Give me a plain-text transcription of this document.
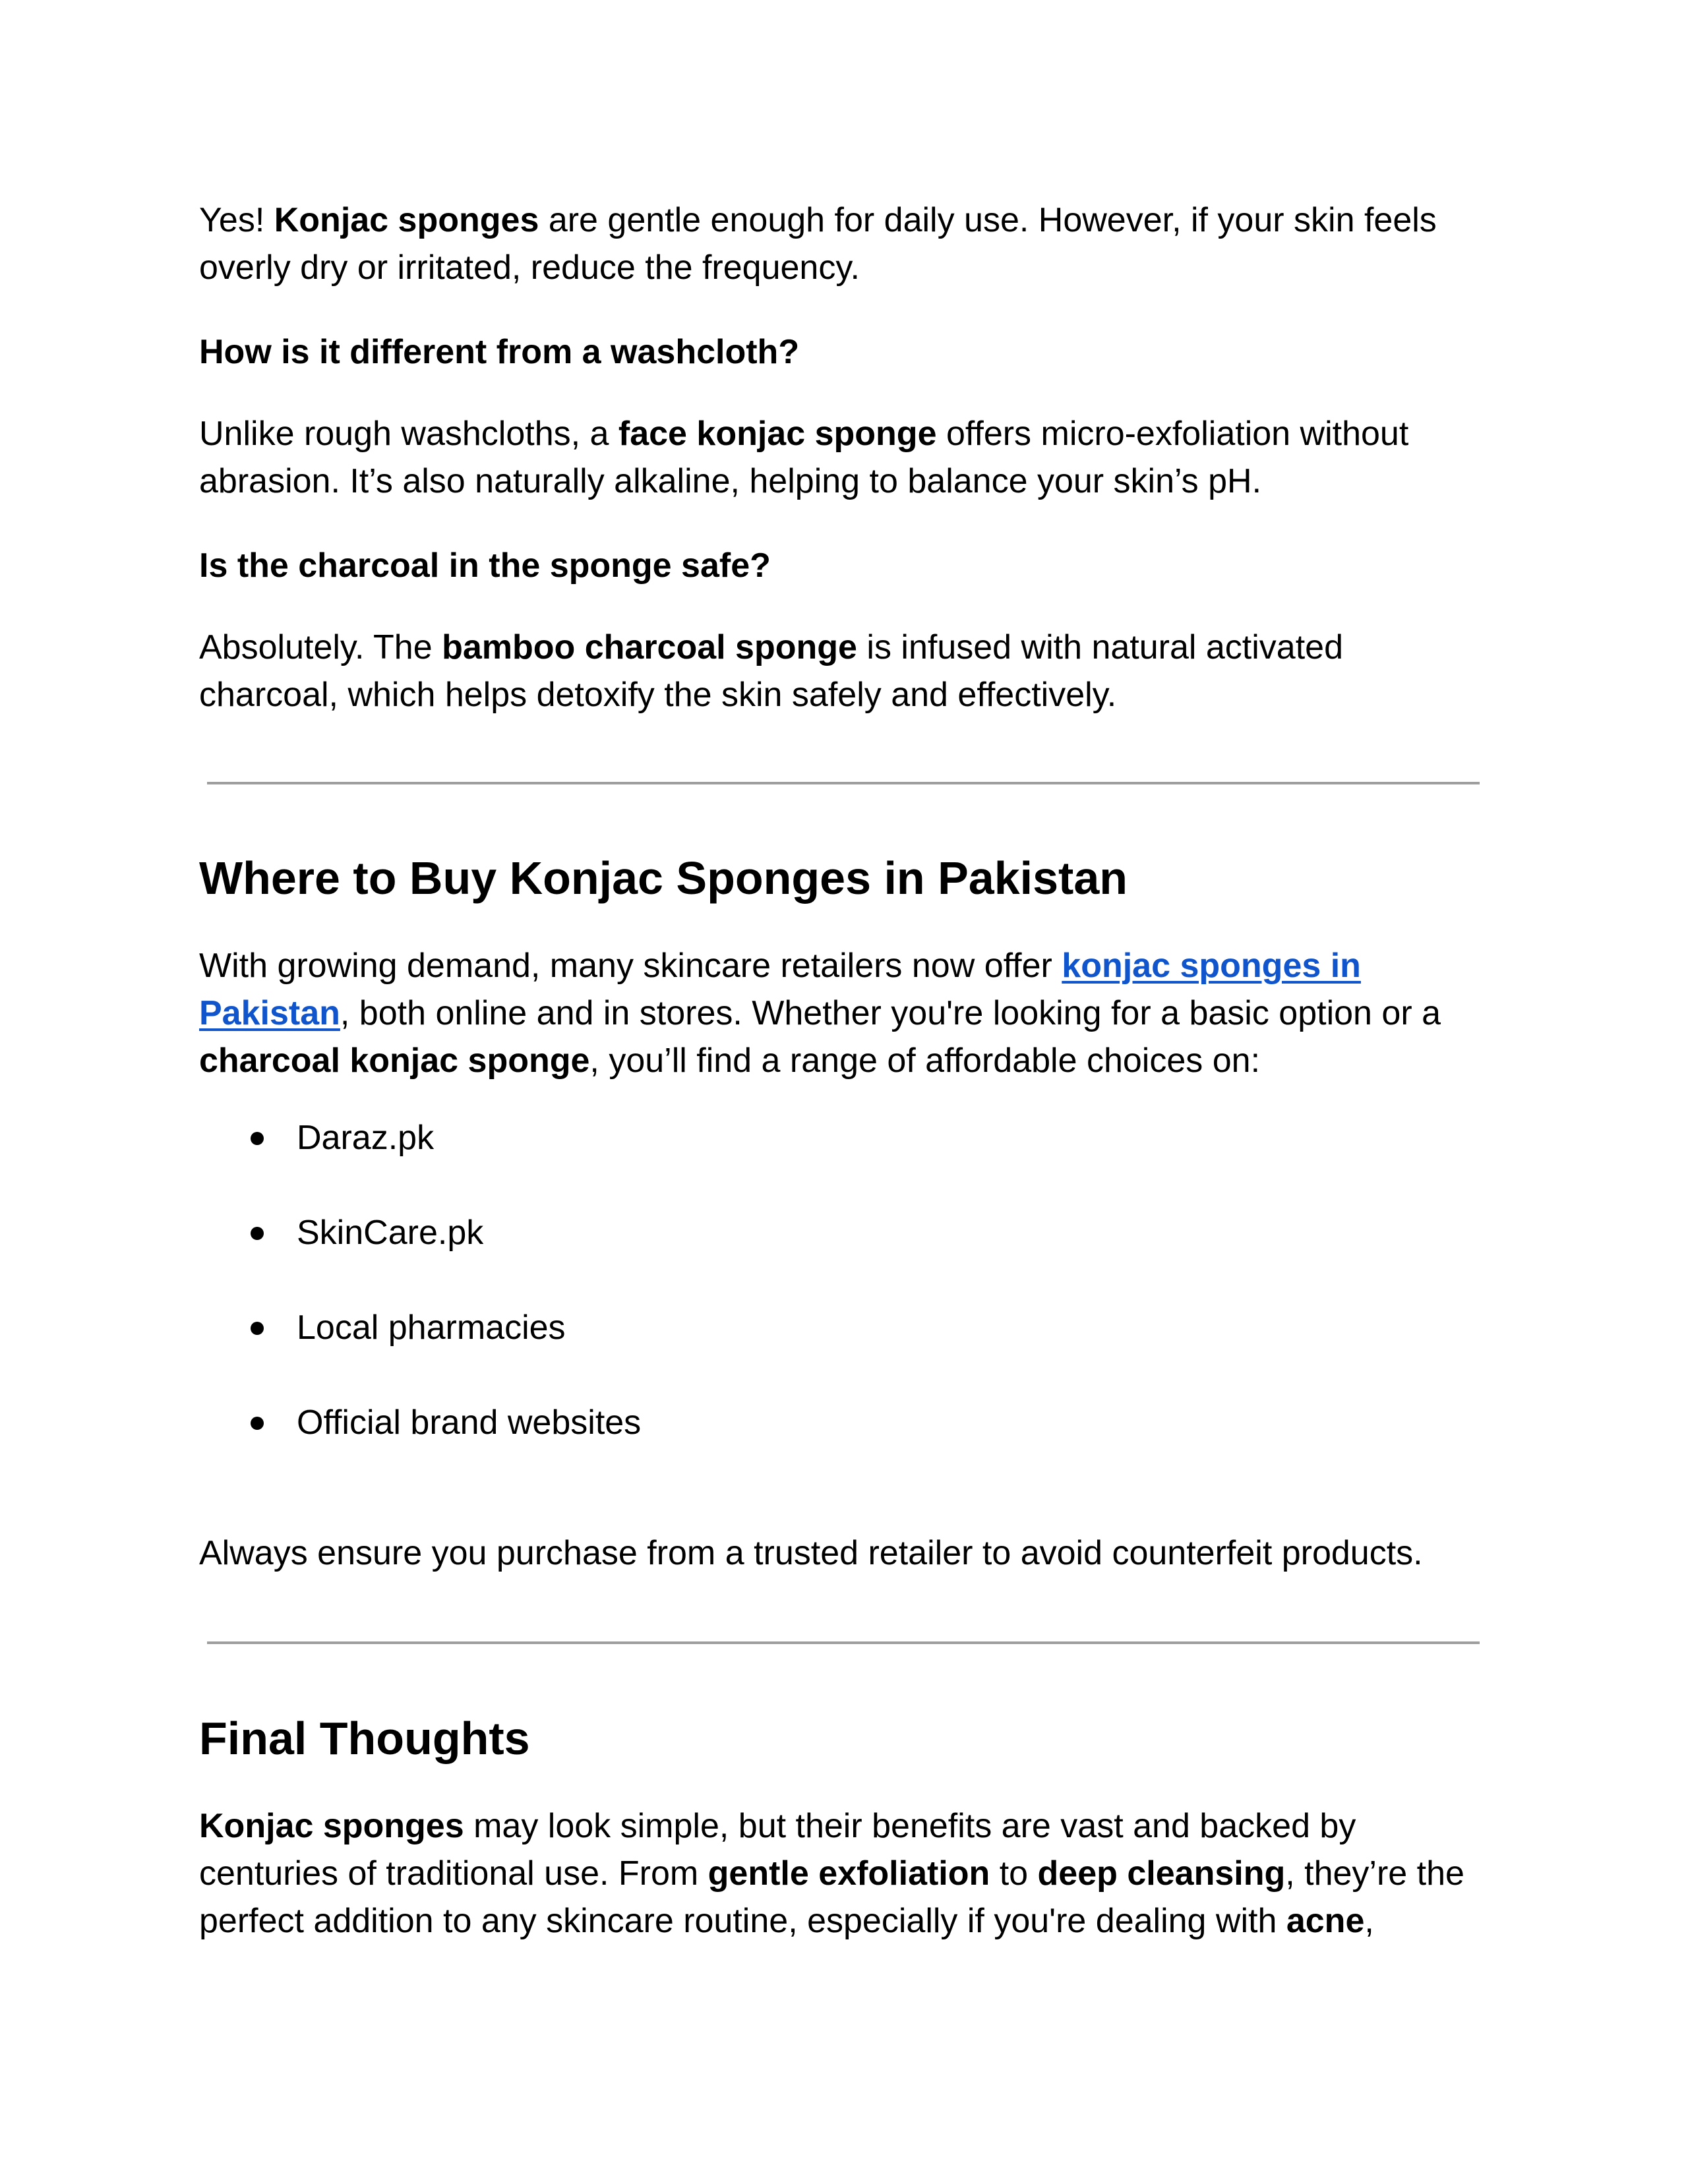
Yes! Konjac sponges are gentle enough for daily use. However, if your skin feels overly dry or irritated, reduce the frequency.

How is it different from a washcloth?

Unlike rough washcloths, a face konjac sponge offers micro-exfoliation without abrasion. It’s also naturally alkaline, helping to balance your skin’s pH.

Is the charcoal in the sponge safe?

Absolutely. The bamboo charcoal sponge is infused with natural activated charcoal, which helps detoxify the skin safely and effectively.

Where to Buy Konjac Sponges in Pakistan

With growing demand, many skincare retailers now offer konjac sponges in Pakistan, both online and in stores. Whether you're looking for a basic option or a charcoal konjac sponge, you’ll find a range of affordable choices on:

Daraz.pk
SkinCare.pk
Local pharmacies
Official brand websites

Always ensure you purchase from a trusted retailer to avoid counterfeit products.

Final Thoughts

Konjac sponges may look simple, but their benefits are vast and backed by centuries of traditional use. From gentle exfoliation to deep cleansing, they’re the perfect addition to any skincare routine, especially if you're dealing with acne,
